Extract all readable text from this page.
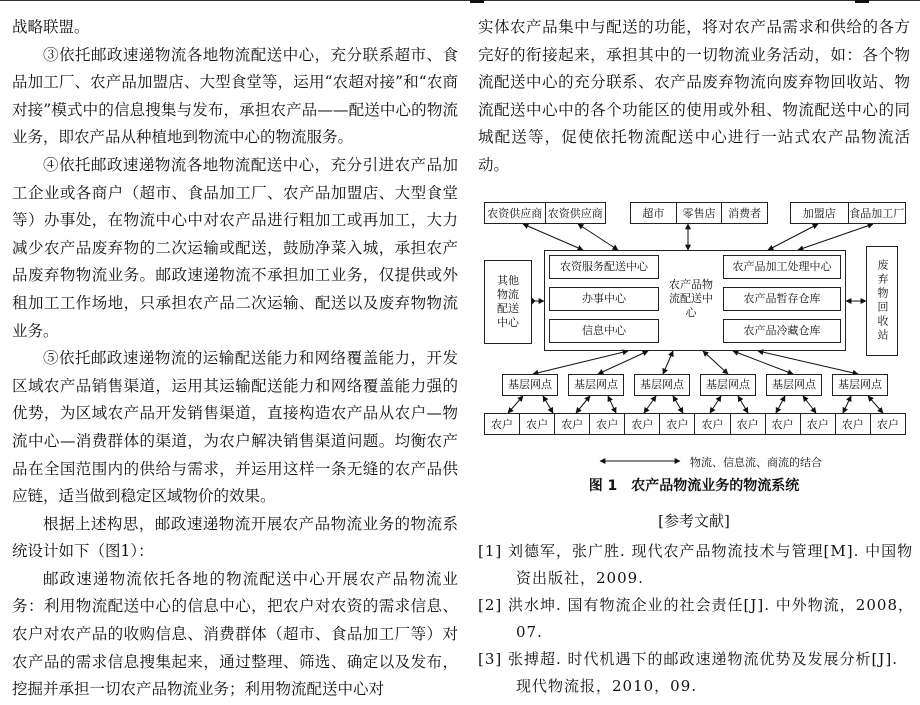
战略联盟。

③依托邮政速递物流各地物流配送中心，充分联系超市、食品加工厂、农产品加盟店、大型食堂等，运用“农超对接”和“农商对接”模式中的信息搜集与发布，承担农产品——配送中心的物流业务，即农产品从种植地到物流中心的物流服务。

④依托邮政速递物流各地物流配送中心，充分引进农产品加工企业或各商户（超市、食品加工厂、农产品加盟店、大型食堂等）办事处，在物流中心中对农产品进行粗加工或再加工，大力减少农产品废弃物的二次运输或配送，鼓励净菜入城，承担农产品废弃物物流业务。邮政速递物流不承担加工业务，仅提供或外租加工工作场地，只承担农产品二次运输、配送以及废弃物物流业务。

⑤依托邮政速递物流的运输配送能力和网络覆盖能力，开发区域农产品销售渠道，运用其运输配送能力和网络覆盖能力强的优势，为区域农产品开发销售渠道，直接构造农产品从农户—物流中心—消费群体的渠道，为农户解决销售渠道问题。均衡农产品在全国范围内的供给与需求，并运用这样一条无缝的农产品供应链，适当做到稳定区域物价的效果。

根据上述构思，邮政速递物流开展农产品物流业务的物流系统设计如下（图1）：

邮政速递物流依托各地的物流配送中心开展农产品物流业务：利用物流配送中心的信息中心，把农户对农资的需求信息、农户对农产品的收购信息、消费群体（超市、食品加工厂等）对农产品的需求信息搜集起来，通过整理、筛选、确定以及发布，挖掘并承担一切农产品物流业务；利用物流配送中心对

实体农产品集中与配送的功能，将对农产品需求和供给的各方完好的衔接起来，承担其中的一切物流业务活动，如：各个物流配送中心的充分联系、农产品废弃物流向废弃物回收站、物流配送中心中的各个功能区的使用或外租、物流配送中心的同城配送等，促使依托物流配送中心进行一站式农产品物流活动。

农资供应商 农资供应商	超市	零售店	消费者	加盟店	食品加工厂
其他物流配送中心
农资服务配送中心
办事中心
信息中心
农产品物流配送中心
农产品加工处理中心
农产品暂存仓库
农产品冷藏仓库	废弃物回收站
基层网点	基层网点	基层网点	基层网点	基层网点	基层网点
农户	农户	农户	农户	农户	农户	农户	农户	农户	农户	农户	农户
物流、信息流、商流的结合
图 1　农产品物流业务的物流系统
[参考文献]
[1] 刘德军，张广胜. 现代农产品物流技术与管理[M]. 中国物资出版社，2009.
[2] 洪水坤. 国有物流企业的社会责任[J]. 中外物流，2008，07.
[3] 张搏超. 时代机遇下的邮政速递物流优势及发展分析[J]. 现代物流报，2010，09.
